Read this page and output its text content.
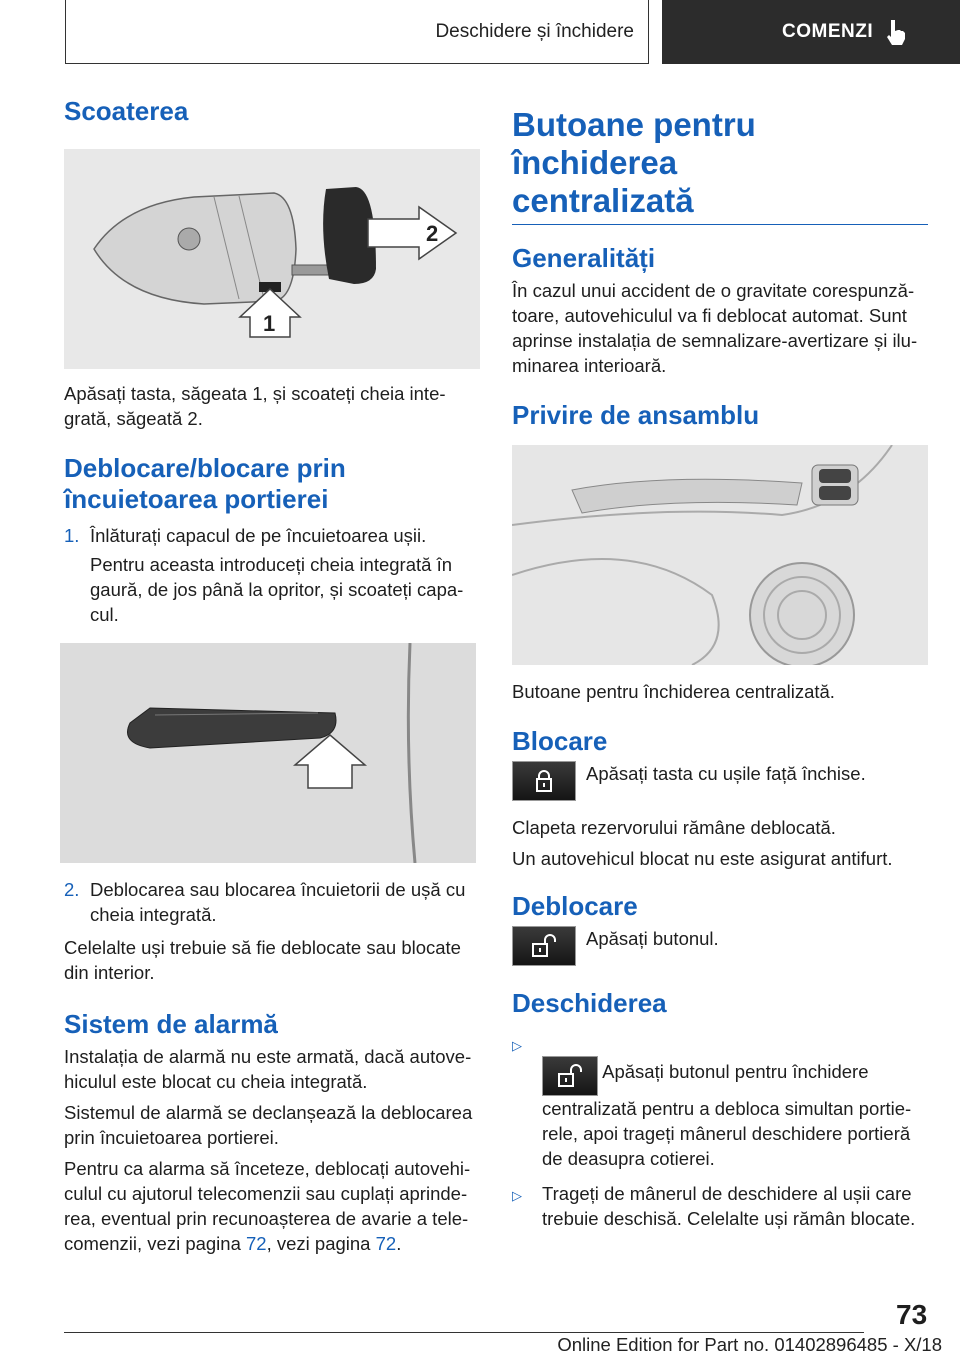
Deschidere și închidere	COMENZI
Scoaterea
2
1

Apăsați tasta, săgeata 1, și scoateți cheia inte-
grată, săgeată 2.

Deblocare/blocare prin
încuietoarea portierei
1. Înlăturați capacul de pe încuietoarea ușii.

Pentru aceasta introduceți cheia integrată în gaură, de jos până la opritor, și scoateți capa-
cul.

2. Deblocarea sau blocarea încuietorii de ușă cu cheia integrată.

Celelalte uși trebuie să fie deblocate sau blocate din interior.

Sistem de alarmă

Instalația de alarmă nu este armată, dacă autove-
hiculul este blocat cu cheia integrată.

Sistemul de alarmă se declanșează la deblocarea prin încuietoarea portierei.

Pentru ca alarma să înceteze, deblocați autovehi-
culul cu ajutorul telecomenzii sau cuplați aprinde-
rea, eventual prin recunoașterea de avarie a tele-
comenzii, vezi pagina 72, vezi pagina 72.

Butoane pentru închiderea
centralizată
Generalități

În cazul unui accident de o gravitate corespunză-
toare, autovehiculul va fi deblocat automat. Sunt aprinse instalația de semnalizare-avertizare și ilu-
minarea interioară.

Privire de ansamblu

Butoane pentru închiderea centralizată.

Blocare

Apăsați tasta cu ușile față închise.

Clapeta rezervorului rămâne deblocată.

Un autovehicul blocat nu este asigurat antifurt.

Deblocare

Apăsați butonul.

Deschiderea
▷

Apăsați butonul pentru închidere centralizată pentru a debloca simultan portie-
rele, apoi trageți mânerul deschidere portieră de deasupra cotierei.

▷	Trageți de mânerul de deschidere al ușii care trebuie deschisă. Celelalte uși rămân blocate.

73
Online Edition for Part no. 01402896485 - X/18
